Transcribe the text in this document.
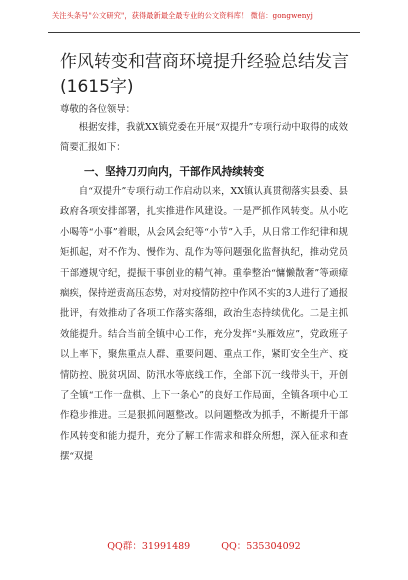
关注头条号"公文研究"，获得最新最全最专业的公文资料库！ 微信：gongwenyj
作风转变和营商环境提升经验总结发言(1615字)
尊敬的各位领导：

根据安排，我就XX镇党委在开展“双提升”专项行动中取得的成效简要汇报如下：

一、坚持刀刃向内，干部作风持续转变

自“双提升”专项行动工作启动以来，XX镇认真贯彻落实县委、县政府各项安排部署，扎实推进作风建设。一是严抓作风转变。从小吃小喝等“小事”着眼，从会风会纪等“小节”入手，从日常工作纪律和规矩抓起，对不作为、慢作为、乱作为等问题强化监督执纪，推动党员干部遵规守纪，提振干事创业的精气神。重拳整治“慵懒散奢”等顽瘴痼疾，保持逆责高压态势，对对疫情防控中作风不实的3人进行了通报批评，有效推动了各项工作落实落细，政治生态持续优化。二是主抓效能提升。结合当前全镇中心工作，充分发挥“头雁效应”，党政班子以上率下，聚焦重点人群、重要问题、重点工作，紧盯安全生产、疫情防控、脱贫巩固、防汛水等底线工作，全部下沉一线带头干，开创了全镇“工作一盘棋、上下一条心”的良好工作局面，全镇各项中心工作稳步推进。三是狠抓问题整改。以问题整改为抓手，不断提升干部作风转变和能力提升，充分了解工作需求和群众所想，深入征求和查摆“双提

QQ群：31991489	QQ：535304092
